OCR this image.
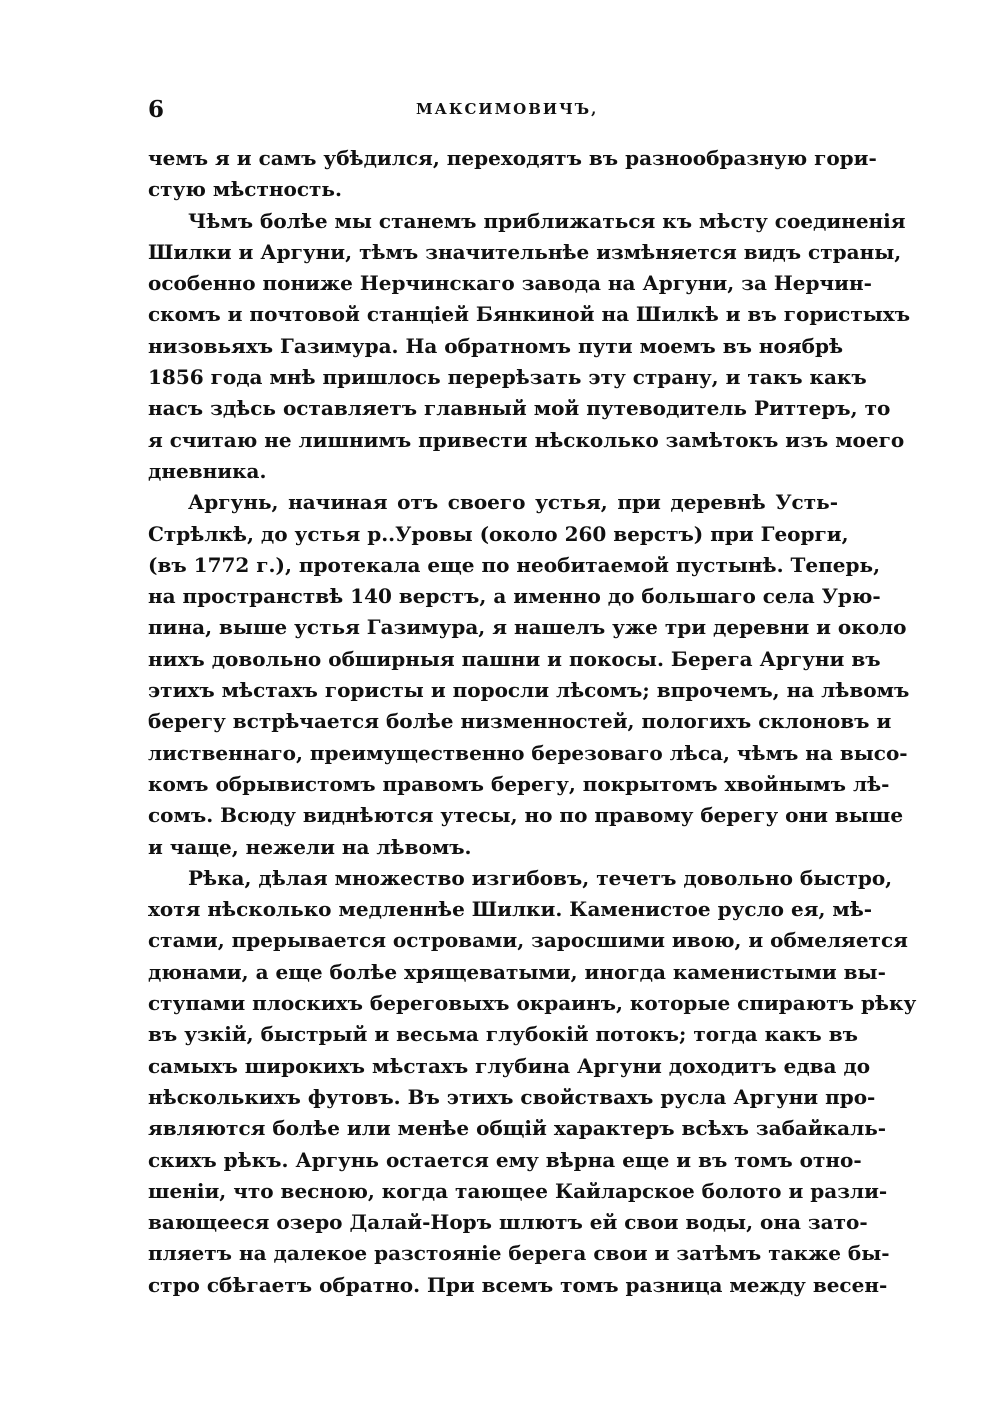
6	МАКСИМОВИЧЪ,
чемъ я и самъ убѣдился, переходятъ въ разнообразную гори-
стую мѣстность.
Чѣмъ болѣе мы станемъ приближаться къ мѣсту соединенія
Шилки и Аргуни, тѣмъ значительнѣе измѣняется видъ страны,
особенно пониже Нерчинскаго завода на Аргуни, за Нерчин-
скомъ и почтовой станціей Бянкиной на Шилкѣ и въ гористыхъ
низовьяхъ Газимура. На обратномъ пути моемъ въ ноябрѣ
1856 года мнѣ пришлось перерѣзать эту страну, и такъ какъ
насъ здѣсь оставляетъ главный мой путеводитель Риттеръ, то
я считаю не лишнимъ привести нѣсколько замѣтокъ изъ моего
дневника.
Аргунь, начиная отъ своего устья, при деревнѣ Усть-
Стрѣлкѣ, до устья р..Уровы (около 260 верстъ) при Георги,
(въ 1772 г.), протекала еще по необитаемой пустынѣ. Теперь,
на пространствѣ 140 верстъ, а именно до большаго села Урю-
пина, выше устья Газимура, я нашелъ уже три деревни и около
нихъ довольно обширныя пашни и покосы. Берега Аргуни въ
этихъ мѣстахъ гористы и поросли лѣсомъ; впрочемъ, на лѣвомъ
берегу встрѣчается болѣе низменностей, пологихъ склоновъ и
лиственнаго, преимущественно березоваго лѣса, чѣмъ на высо-
комъ обрывистомъ правомъ берегу, покрытомъ хвойнымъ лѣ-
сомъ. Всюду виднѣются утесы, но по правому берегу они выше
и чаще, нежели на лѣвомъ.
Рѣка, дѣлая множество изгибовъ, течетъ довольно быстро,
хотя нѣсколько медленнѣе Шилки. Каменистое русло ея, мѣ-
стами, прерывается островами, заросшими ивою, и обмеляется
дюнами, а еще болѣе хрящеватыми, иногда каменистыми вы-
ступами плоскихъ береговыхъ окраинъ, которые спираютъ рѣку
въ узкій, быстрый и весьма глубокій потокъ; тогда какъ въ
самыхъ широкихъ мѣстахъ глубина Аргуни доходитъ едва до
нѣсколькихъ футовъ. Въ этихъ свойствахъ русла Аргуни про-
являются болѣе или менѣе общій характеръ всѣхъ забайкаль-
скихъ рѣкъ. Аргунь остается ему вѣрна еще и въ томъ отно-
шеніи, что весною, когда тающее Кайларское болото и разли-
вающееся озеро Далай-Норъ шлютъ ей свои воды, она зато-
пляетъ на далекое разстояніе берега свои и затѣмъ также бы-
стро сбѣгаетъ обратно. При всемъ томъ разница между весен-
